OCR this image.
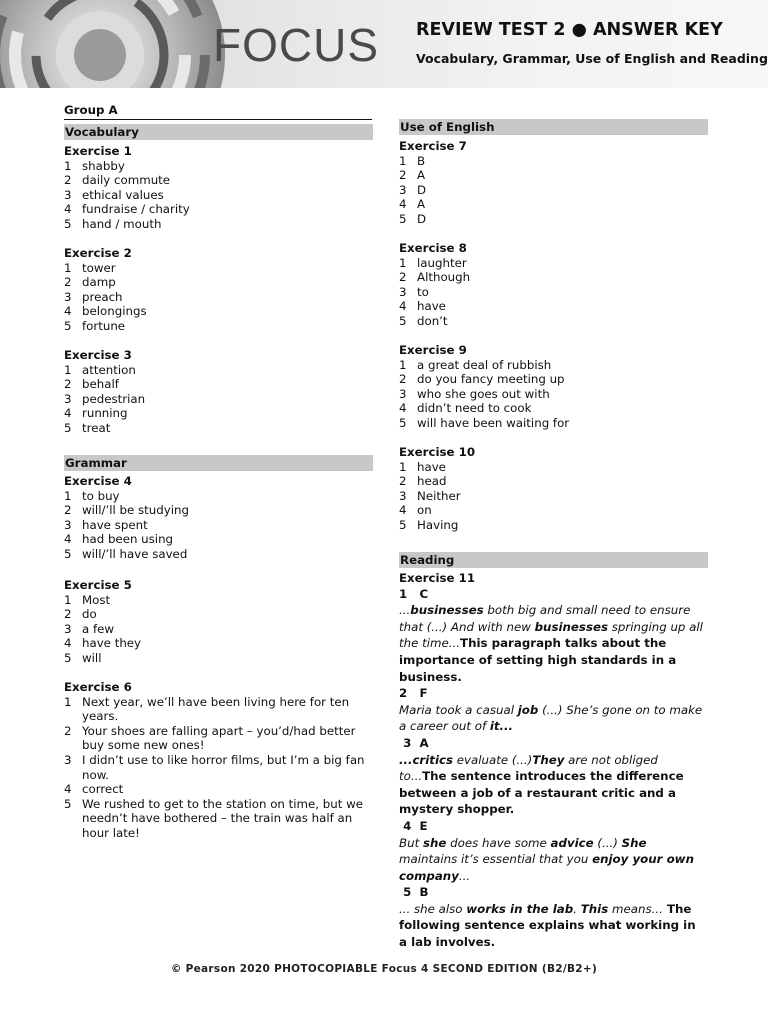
FOCUS REVIEW TEST 2 ● ANSWER KEY
Vocabulary, Grammar, Use of English and Reading
Group A
Vocabulary
Exercise 1
1 shabby
2 daily commute
3 ethical values
4 fundraise / charity
5 hand / mouth
Exercise 2
1 tower
2 damp
3 preach
4 belongings
5 fortune
Exercise 3
1 attention
2 behalf
3 pedestrian
4 running
5 treat
Grammar
Exercise 4
1 to buy
2 will/’ll be studying
3 have spent
4 had been using
5 will/’ll have saved
Exercise 5
1 Most
2 do
3 a few
4 have they
5 will
Exercise 6
1 Next year, we’ll have been living here for ten years.
2 Your shoes are falling apart – you’d/had better buy some new ones!
3 I didn’t use to like horror films, but I’m a big fan now.
4 correct
5 We rushed to get to the station on time, but we needn’t have bothered – the train was half an hour late!
Use of English
Exercise 7
1 B
2 A
3 D
4 A
5 D
Exercise 8
1 laughter
2 Although
3 to
4 have
5 don’t
Exercise 9
1 a great deal of rubbish
2 do you fancy meeting up
3 who she goes out with
4 didn’t need to cook
5 will have been waiting for
Exercise 10
1 have
2 head
3 Neither
4 on
5 Having
Reading
Exercise 11
1   C
...businesses both big and small need to ensure that (...) And with new businesses springing up all the time...This paragraph talks about the importance of setting high standards in a business.
2   F
Maria took a casual job (...) She’s gone on to make a career out of it...
3  A
...critics evaluate (...)They are not obliged to...The sentence introduces the difference between a job of a restaurant critic and a mystery shopper.
4  E
But she does have some advice (...) She maintains it’s essential that you enjoy your own company...
5  B
... she also works in the lab. This means... The following sentence explains what working in a lab involves.
© Pearson 2020 PHOTOCOPIABLE Focus 4 SECOND EDITION (B2/B2+)
